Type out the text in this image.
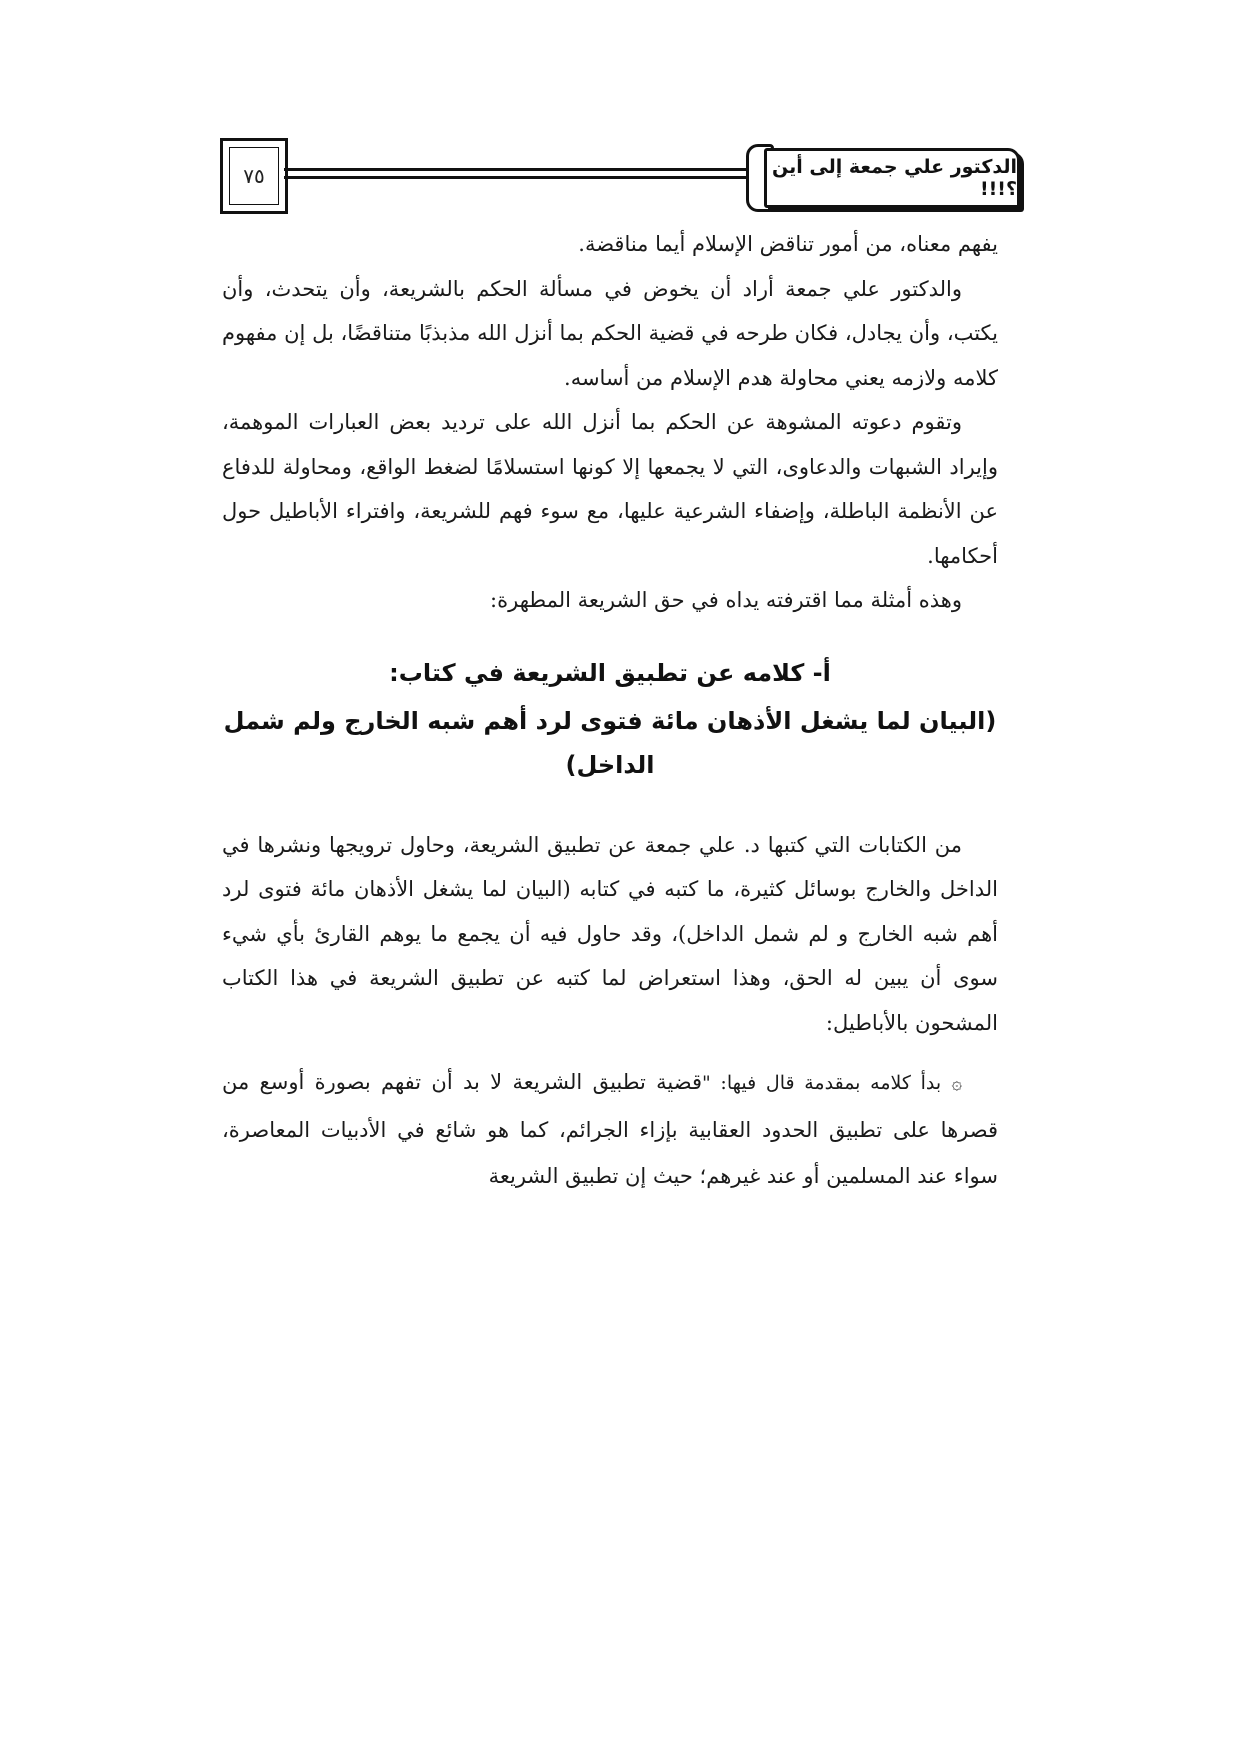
٧٥	الدكتور علي جمعة إلى أين ؟!!!

يفهم معناه، من أمور تناقض الإسلام أيما مناقضة.

والدكتور علي جمعة أراد أن يخوض في مسألة الحكم بالشريعة، وأن يتحدث، وأن يكتب، وأن يجادل، فكان طرحه في قضية الحكم بما أنزل الله مذبذبًا متناقضًا، بل إن مفهوم كلامه ولازمه يعني محاولة هدم الإسلام من أساسه.

وتقوم دعوته المشوهة عن الحكم بما أنزل الله على ترديد بعض العبارات الموهمة، وإيراد الشبهات والدعاوى، التي لا يجمعها إلا كونها استسلامًا لضغط الواقع، ومحاولة للدفاع عن الأنظمة الباطلة، وإضفاء الشرعية عليها، مع سوء فهم للشريعة، وافتراء الأباطيل حول أحكامها.

وهذه أمثلة مما اقترفته يداه في حق الشريعة المطهرة:

أ- كلامه عن تطبيق الشريعة في كتاب:

(البيان لما يشغل الأذهان مائة فتوى لرد أهم شبه الخارج ولم شمل الداخل)

من الكتابات التي كتبها د. علي جمعة عن تطبيق الشريعة، وحاول ترويجها ونشرها في الداخل والخارج بوسائل كثيرة، ما كتبه في كتابه (البيان لما يشغل الأذهان مائة فتوى لرد أهم شبه الخارج و لم شمل الداخل)، وقد حاول فيه أن يجمع ما يوهم القارئ بأي شيء سوى أن يبين له الحق، وهذا استعراض لما كتبه عن تطبيق الشريعة في هذا الكتاب المشحون بالأباطيل:

۞ بدأ كلامه بمقدمة قال فيها: "قضية تطبيق الشريعة لا بد أن تفهم بصورة أوسع من قصرها على تطبيق الحدود العقابية بإزاء الجرائم، كما هو شائع في الأدبيات المعاصرة، سواء عند المسلمين أو عند غيرهم؛ حيث إن تطبيق الشريعة
